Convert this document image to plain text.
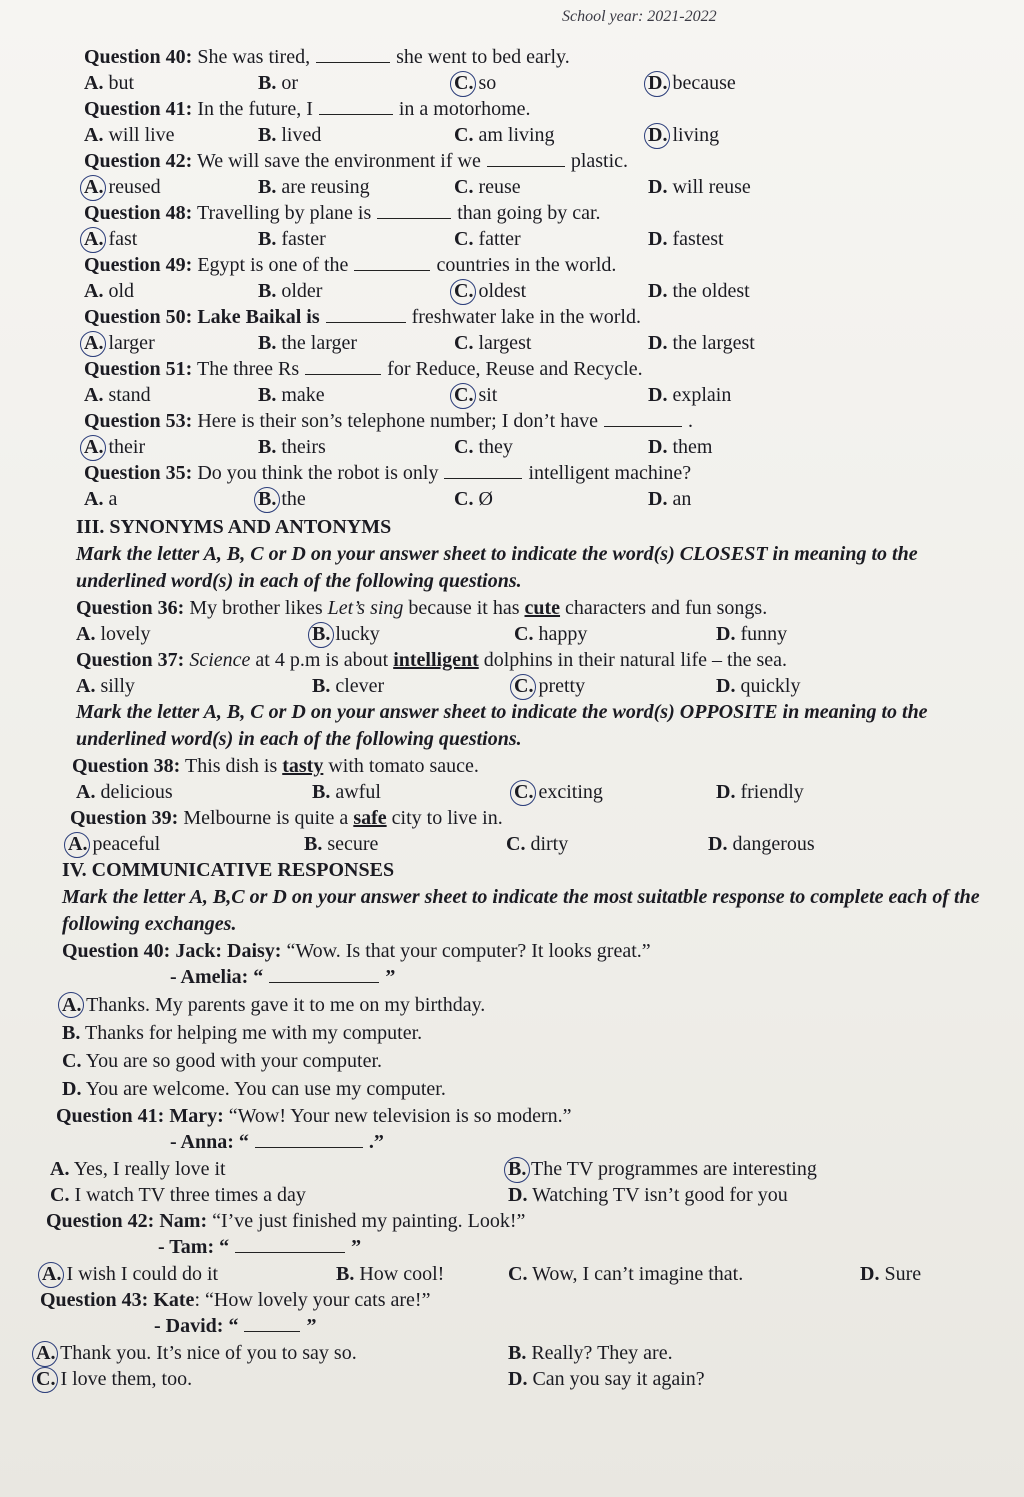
School year: 2021-2022

Question 40: She was tired,	she went to bed early.

A. but	B. or	C. so	D. because

Question 41: In the future, I	in a motorhome.

A. will live	B. lived	C. am living	D. living

Question 42: We will save the environment if we	plastic.

A. reused	B. are reusing	C. reuse	D. will reuse

Question 48: Travelling by plane is	than going by car.

A. fast	B. faster	C. fatter	D. fastest

Question 49: Egypt is one of the	countries in the world.

A. old	B. older	C. oldest	D. the oldest

Question 50: Lake Baikal is	freshwater lake in the world.

A. larger	B. the larger	C. largest	D. the largest

Question 51: The three Rs	for Reduce, Reuse and Recycle.

A. stand	B. make	C. sit	D. explain

Question 53: Here is their son’s telephone number; I don’t have	.

A. their	B. theirs	C. they	D. them

Question 35: Do you think the robot is only	intelligent machine?

A. a	B. the	C. Ø	D. an

III. SYNONYMS AND ANTONYMS

Mark the letter A, B, C or D on your answer sheet to indicate the word(s) CLOSEST in meaning to the underlined word(s) in each of the following questions.

Question 36: My brother likes Let’s sing because it has cute characters and fun songs.

A. lovely	B. lucky	C. happy	D. funny

Question 37: Science at 4 p.m is about intelligent dolphins in their natural life – the sea.

A. silly	B. clever	C. pretty	D. quickly

Mark the letter A, B, C or D on your answer sheet to indicate the word(s) OPPOSITE in meaning to the underlined word(s) in each of the following questions.

Question 38: This dish is tasty with tomato sauce.

A. delicious	B. awful	C. exciting	D. friendly

Question 39: Melbourne is quite a safe city to live in.

A. peaceful	B. secure	C. dirty	D. dangerous

IV. COMMUNICATIVE RESPONSES

Mark the letter A, B,C or D on your answer sheet to indicate the most suitatble response to complete each of the following exchanges.

Question 40: Jack: Daisy: “Wow. Is that your computer? It looks great.”

- Amelia: “	”

A. Thanks. My parents gave it to me on my birthday.

B. Thanks for helping me with my computer.

C. You are so good with your computer.

D. You are welcome. You can use my computer.

Question 41: Mary: “Wow! Your new television is so modern.”

- Anna: “	.”

A. Yes, I really love it	B. The TV programmes are interesting
C. I watch TV three times a day	D. Watching TV isn’t good for you

Question 42: Nam: “I’ve just finished my painting. Look!”

- Tam: “	”

A. I wish I could do it	B. How cool!	C. Wow, I can’t imagine that.	D. Sure

Question 43: Kate: “How lovely your cats are!”

- David: “	”

A. Thank you. It’s nice of you to say so.	B. Really? They are.
C. I love them, too.	D. Can you say it again?
